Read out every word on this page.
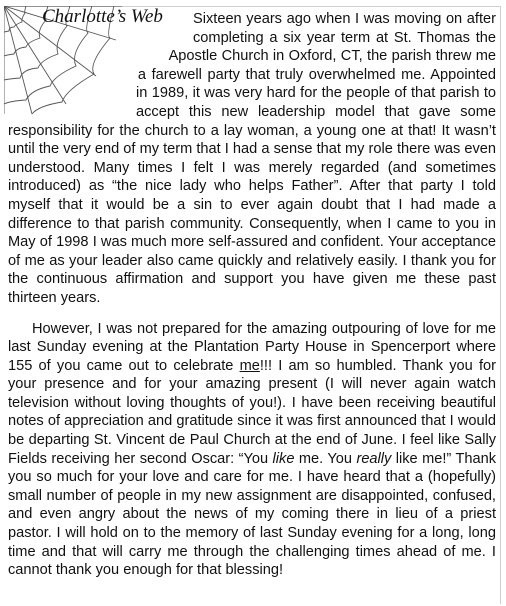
Charlotte’s Web	Sixteen years ago when I was moving on after completing a six year term at St. Thomas the Apostle Church in Oxford, CT, the parish threw me a farewell party that truly overwhelmed me. Appointed in 1989, it was very hard for the people of that parish to accept this new leadership model that gave some responsibility for the church to a lay woman, a young one at that! It wasn’t until the very end of my term that I had a sense that my role there was even understood. Many times I felt I was merely regarded (and sometimes introduced) as “the nice lady who helps Father”. After that party I told myself that it would be a sin to ever again doubt that I had made a difference to that parish community. Consequently, when I came to you in May of 1998 I was much more self-assured and confident. Your acceptance of me as your leader also came quickly and relatively easily. I thank you for the continuous affirmation and support you have given me these past thirteen years.

However, I was not prepared for the amazing outpouring of love for me last Sunday evening at the Plantation Party House in Spencerport where 155 of you came out to celebrate me!!! I am so humbled. Thank you for your presence and for your amazing present (I will never again watch television without loving thoughts of you!). I have been receiving beautiful notes of appreciation and gratitude since it was first announced that I would be departing St. Vincent de Paul Church at the end of June. I feel like Sally Fields receiving her second Oscar: “You like me. You really like me!” Thank you so much for your love and care for me. I have heard that a (hopefully) small number of people in my new assignment are disappointed, confused, and even angry about the news of my coming there in lieu of a priest pastor. I will hold on to the memory of last Sunday evening for a long, long time and that will carry me through the challenging times ahead of me. I cannot thank you enough for that blessing!
